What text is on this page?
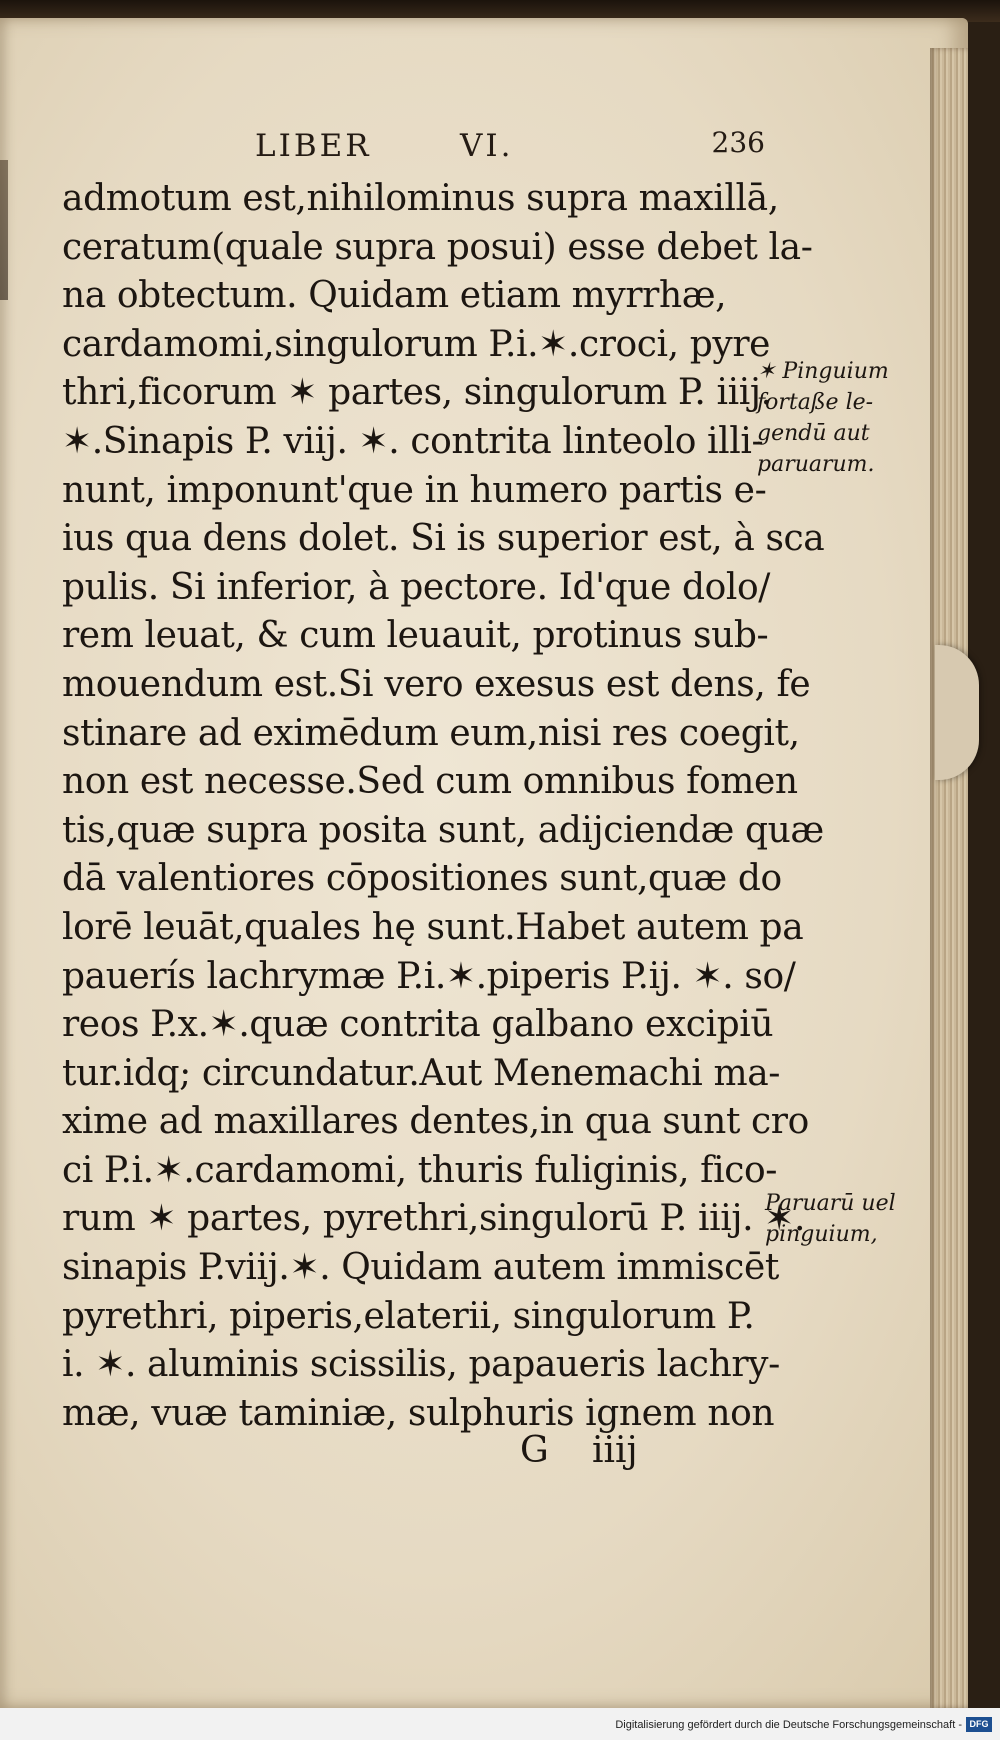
LIBER	VI.	236
admotum est,nihilominus supra maxillā,
ceratum(quale supra posui) esse debet la-
na obtectum. Quidam etiam myrrhæ,
cardamomi,singulorum P.i.✶.croci, pyre
thri,ficorum ✶ partes, singulorum P. iiij.
✶.Sinapis P. viij. ✶. contrita linteolo illi-
nunt, imponunt'que in humero partis e-
ius qua dens dolet. Si is superior est, à sca
pulis. Si inferior, à pectore. Id'que dolo/
rem leuat, & cum leuauit, protinus sub-
mouendum est.Si vero exesus est dens, fe
stinare ad eximēdum eum,nisi res coegit,
non est necesse.Sed cum omnibus fomen
tis,quæ supra posita sunt, adijciendæ quæ
dā valentiores cōpositiones sunt,quæ do
lorē leuāt,quales hę sunt.Habet autem pa
pauerís lachrymæ P.i.✶.piperis P.ij. ✶. so/
reos P.x.✶.quæ contrita galbano excipiū
tur.idq; circundatur.Aut Menemachi ma-
xime ad maxillares dentes,in qua sunt cro
ci P.i.✶.cardamomi, thuris fuliginis, fico-
rum ✶ partes, pyrethri,singulorū P. iiij. ✶.
sinapis P.viij.✶. Quidam autem immiscēt
pyrethri, piperis,elaterii, singulorum P.
i. ✶. aluminis scissilis, papaueris lachry-
mæ, vuæ taminiæ, sulphuris ignem non
G iiij
✶ Pinguium
fortaße le-
gendū aut
paruarum.
Paruarū uel
pinguium,
Digitalisierung gefördert durch die Deutsche Forschungsgemeinschaft - DFG
